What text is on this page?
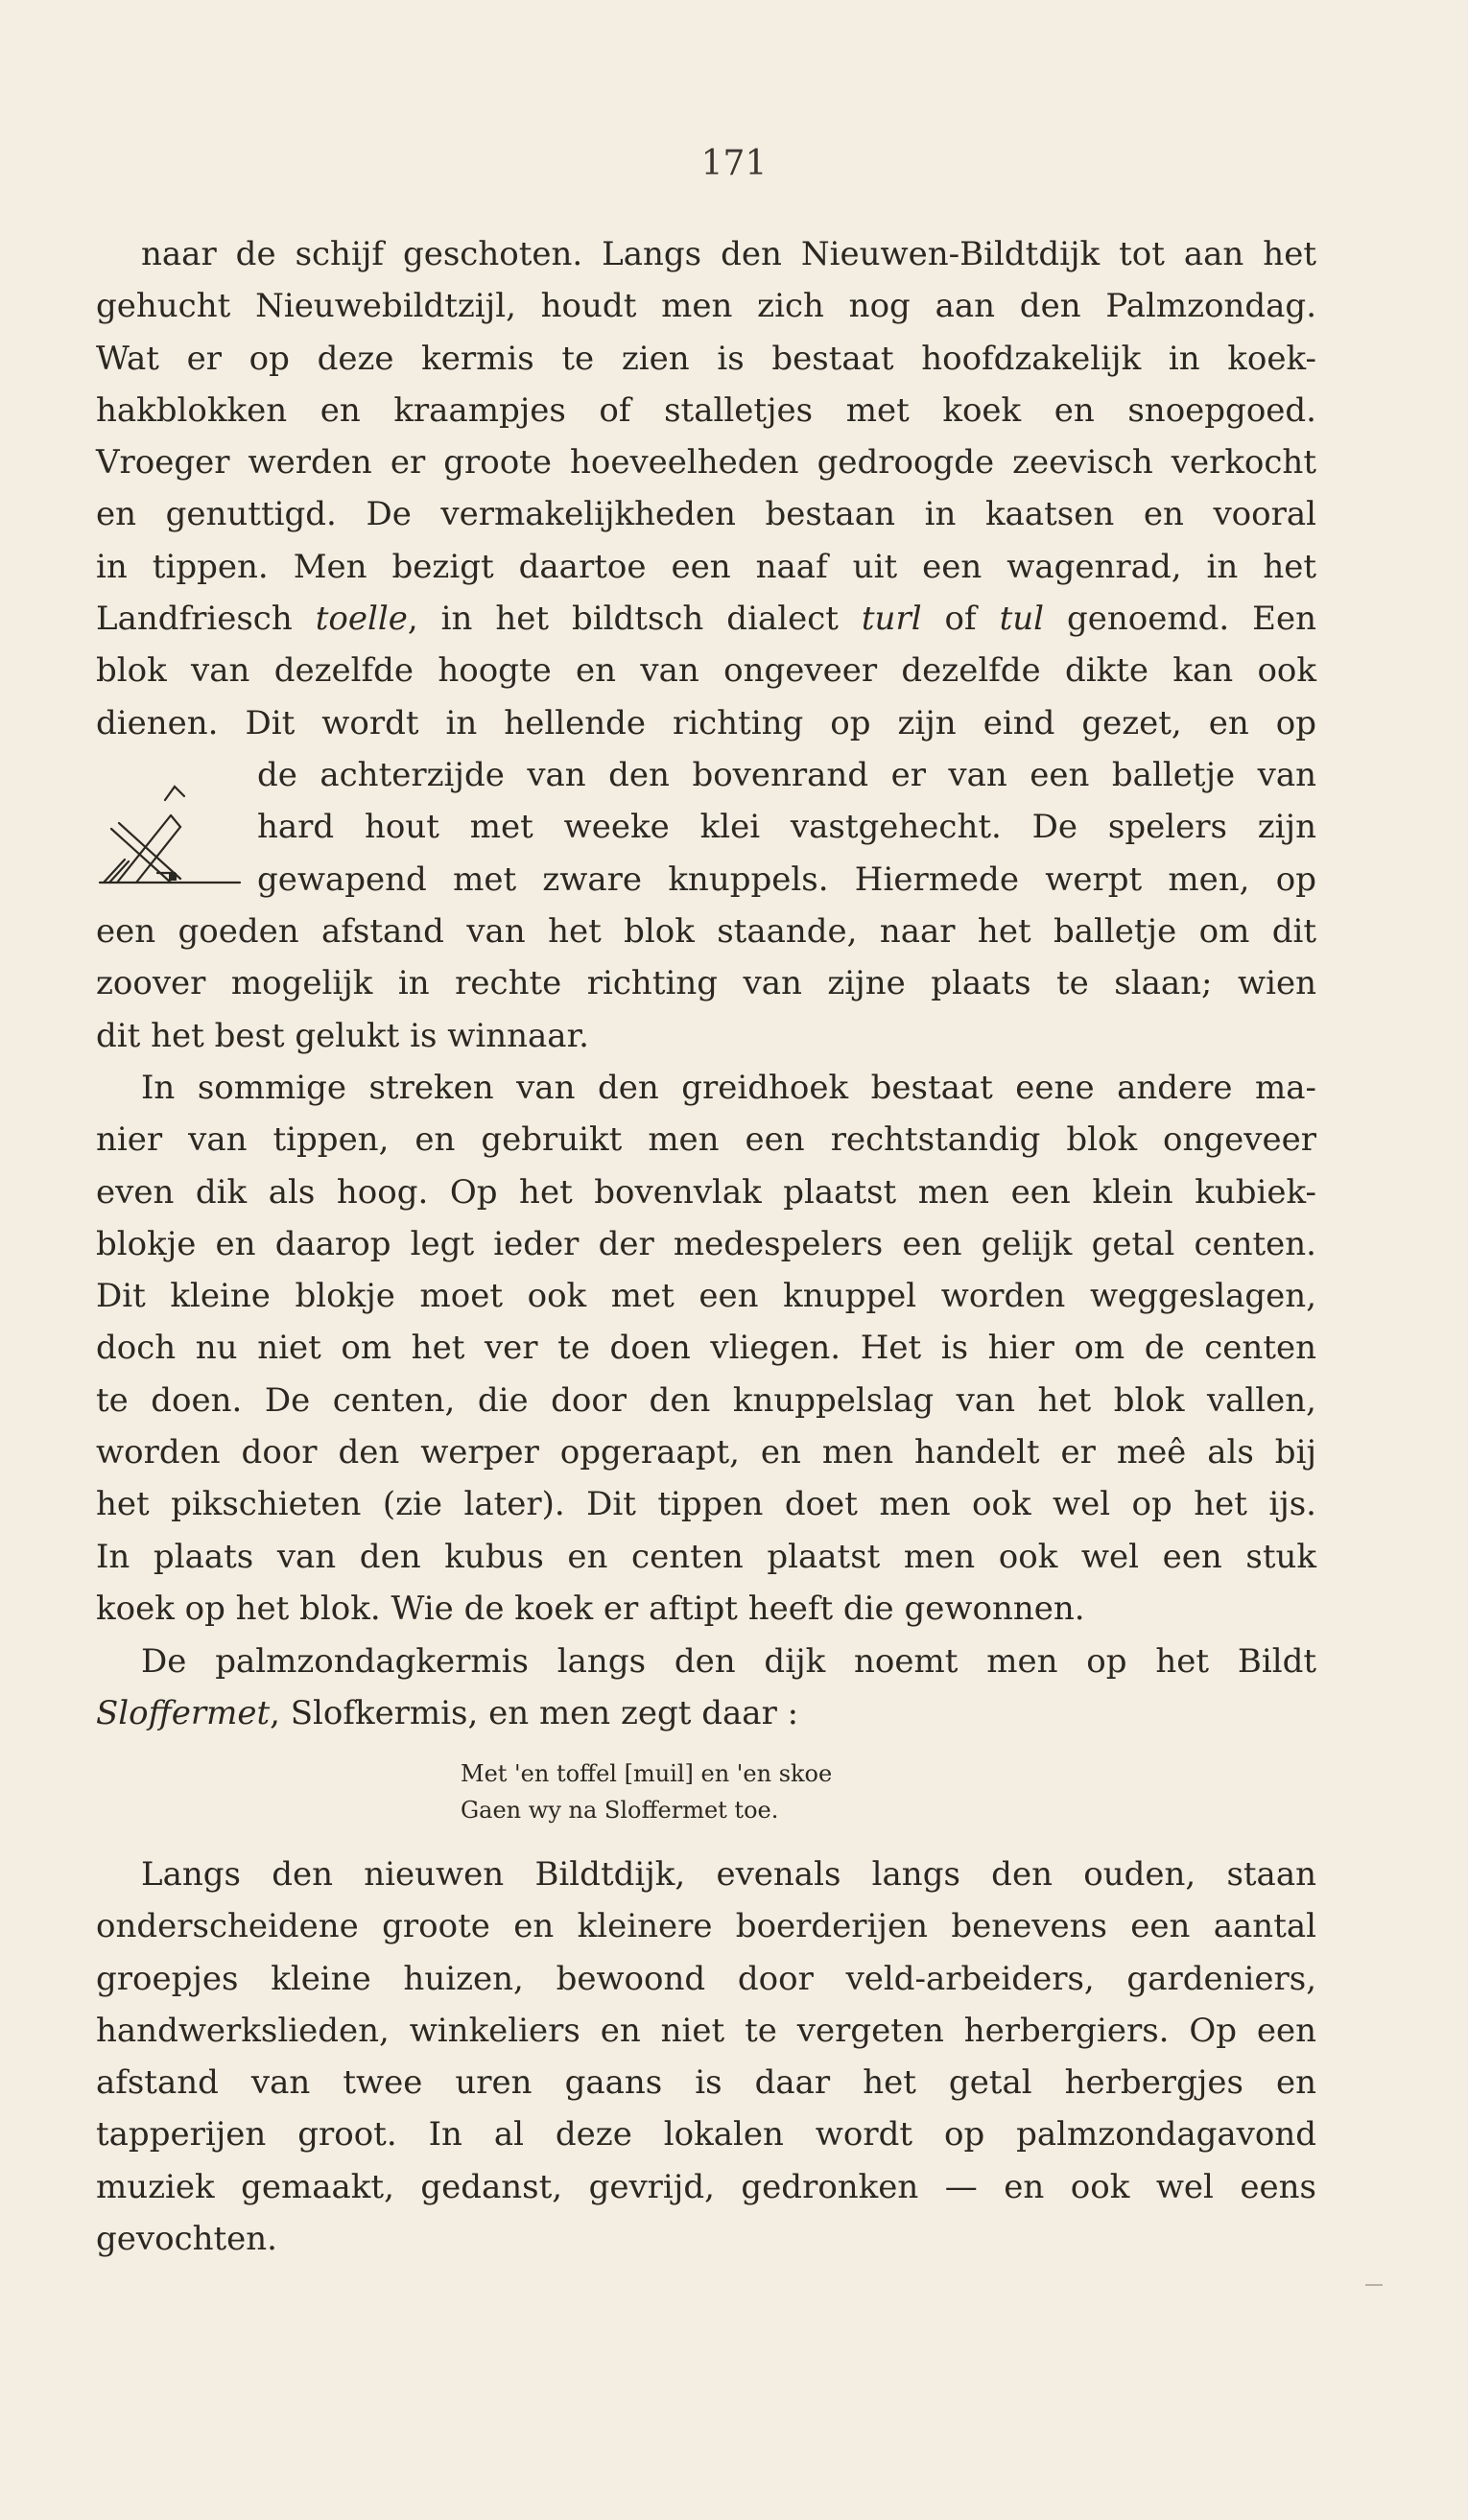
171
naar de schijf geschoten. Langs den Nieuwen-Bildtdijk tot aan het
gehucht Nieuwebildtzijl, houdt men zich nog aan den Palmzondag.
Wat er op deze kermis te zien is bestaat hoofdzakelijk in koek-
hakblokken en kraampjes of stalletjes met koek en snoepgoed.
Vroeger werden er groote hoeveelheden gedroogde zeevisch verkocht
en genuttigd. De vermakelijkheden bestaan in kaatsen en vooral
in tippen. Men bezigt daartoe een naaf uit een wagenrad, in het
Landfriesch toelle, in het bildtsch dialect turl of tul genoemd. Een
blok van dezelfde hoogte en van ongeveer dezelfde dikte kan ook
dienen. Dit wordt in hellende richting op zijn eind gezet, en op
de achterzijde van den bovenrand er van een balletje van
hard hout met weeke klei vastgehecht. De spelers zijn
gewapend met zware knuppels. Hiermede werpt men, op
een goeden afstand van het blok staande, naar het balletje om dit
zoover mogelijk in rechte richting van zijne plaats te slaan; wien
dit het best gelukt is winnaar.
In sommige streken van den greidhoek bestaat eene andere ma-
nier van tippen, en gebruikt men een rechtstandig blok ongeveer
even dik als hoog. Op het bovenvlak plaatst men een klein kubiek-
blokje en daarop legt ieder der medespelers een gelijk getal centen.
Dit kleine blokje moet ook met een knuppel worden weggeslagen,
doch nu niet om het ver te doen vliegen. Het is hier om de centen
te doen. De centen, die door den knuppelslag van het blok vallen,
worden door den werper opgeraapt, en men handelt er meê als bij
het pikschieten (zie later). Dit tippen doet men ook wel op het ijs.
In plaats van den kubus en centen plaatst men ook wel een stuk
koek op het blok. Wie de koek er aftipt heeft die gewonnen.
De palmzondagkermis langs den dijk noemt men op het Bildt
Sloffermet, Slofkermis, en men zegt daar :
Met 'en toffel [muil] en 'en skoe
Gaen wy na Sloffermet toe.
Langs den nieuwen Bildtdijk, evenals langs den ouden, staan
onderscheidene groote en kleinere boerderijen benevens een aantal
groepjes kleine huizen, bewoond door veld-arbeiders, gardeniers,
handwerkslieden, winkeliers en niet te vergeten herbergiers. Op een
afstand van twee uren gaans is daar het getal herbergjes en
tapperijen groot. In al deze lokalen wordt op palmzondagavond
muziek gemaakt, gedanst, gevrijd, gedronken — en ook wel eens
gevochten.
